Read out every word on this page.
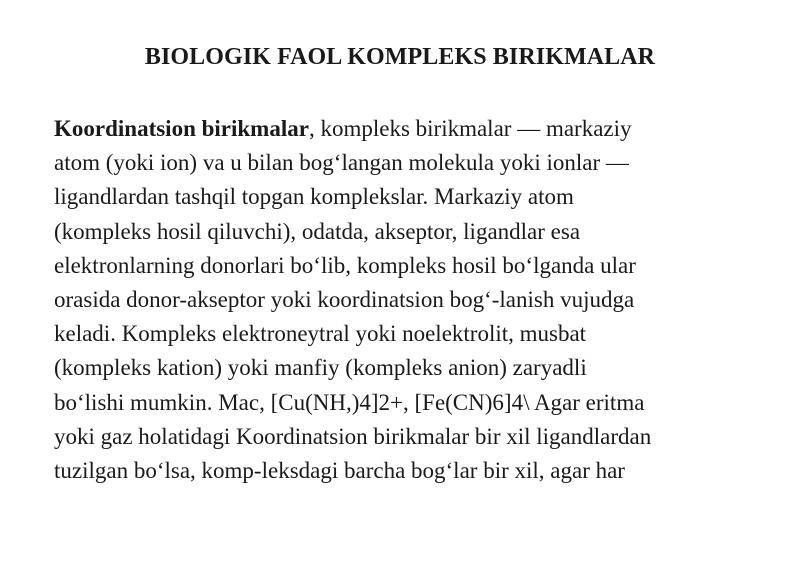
BIOLOGIK FAOL KOMPLEKS BIRIKMALAR

Koordinatsion birikmalar, kompleks birikmalar — markaziy
atom (yoki ion) va u bilan bog‘langan molekula yoki ionlar —
ligandlardan tashqil topgan komplekslar. Markaziy atom
(kompleks hosil qiluvchi), odatda, akseptor, ligandlar esa
elektronlarning donorlari bo‘lib, kompleks hosil bo‘lganda ular
orasida donor-akseptor yoki koordinatsion bog‘-lanish vujudga
keladi. Kompleks elektroneytral yoki noelektrolit, musbat
(kompleks kation) yoki manfiy (kompleks anion) zaryadli
bo‘lishi mumkin. Mac, [Cu(NH,)4]2+, [Fe(CN)6]4\ Agar eritma
yoki gaz holatidagi Koordinatsion birikmalar bir xil ligandlardan
tuzilgan bo‘lsa, komp-leksdagi barcha bog‘lar bir xil, agar har
